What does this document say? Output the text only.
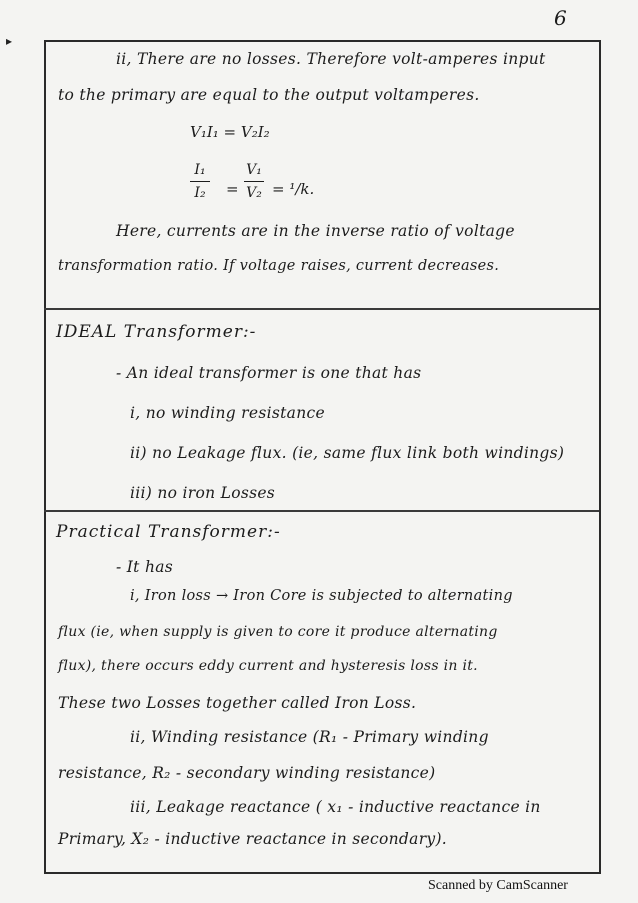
6
▸
ii, There are no losses. Therefore volt-amperes input
to the primary are equal to the output voltamperes.
V₁I₁ = V₂I₂
I₁
I₂ =
V₁
V₂ = ¹/k.
Here, currents are in the inverse ratio of voltage
transformation ratio. If voltage raises, current decreases.
IDEAL Transformer:-
- An ideal transformer is one that has
i, no winding resistance
ii) no Leakage flux. (ie, same flux link both windings)
iii) no iron Losses
Practical Transformer:-
- It has
i, Iron loss → Iron Core is subjected to alternating
flux (ie, when supply is given to core it produce alternating
flux), there occurs eddy current and hysteresis loss in it.
These two Losses together called Iron Loss.
ii, Winding resistance (R₁ - Primary winding
resistance, R₂ - secondary winding resistance)
iii, Leakage reactance ( x₁ - inductive reactance in
Primary, X₂ - inductive reactance in secondary).
Scanned by CamScanner
